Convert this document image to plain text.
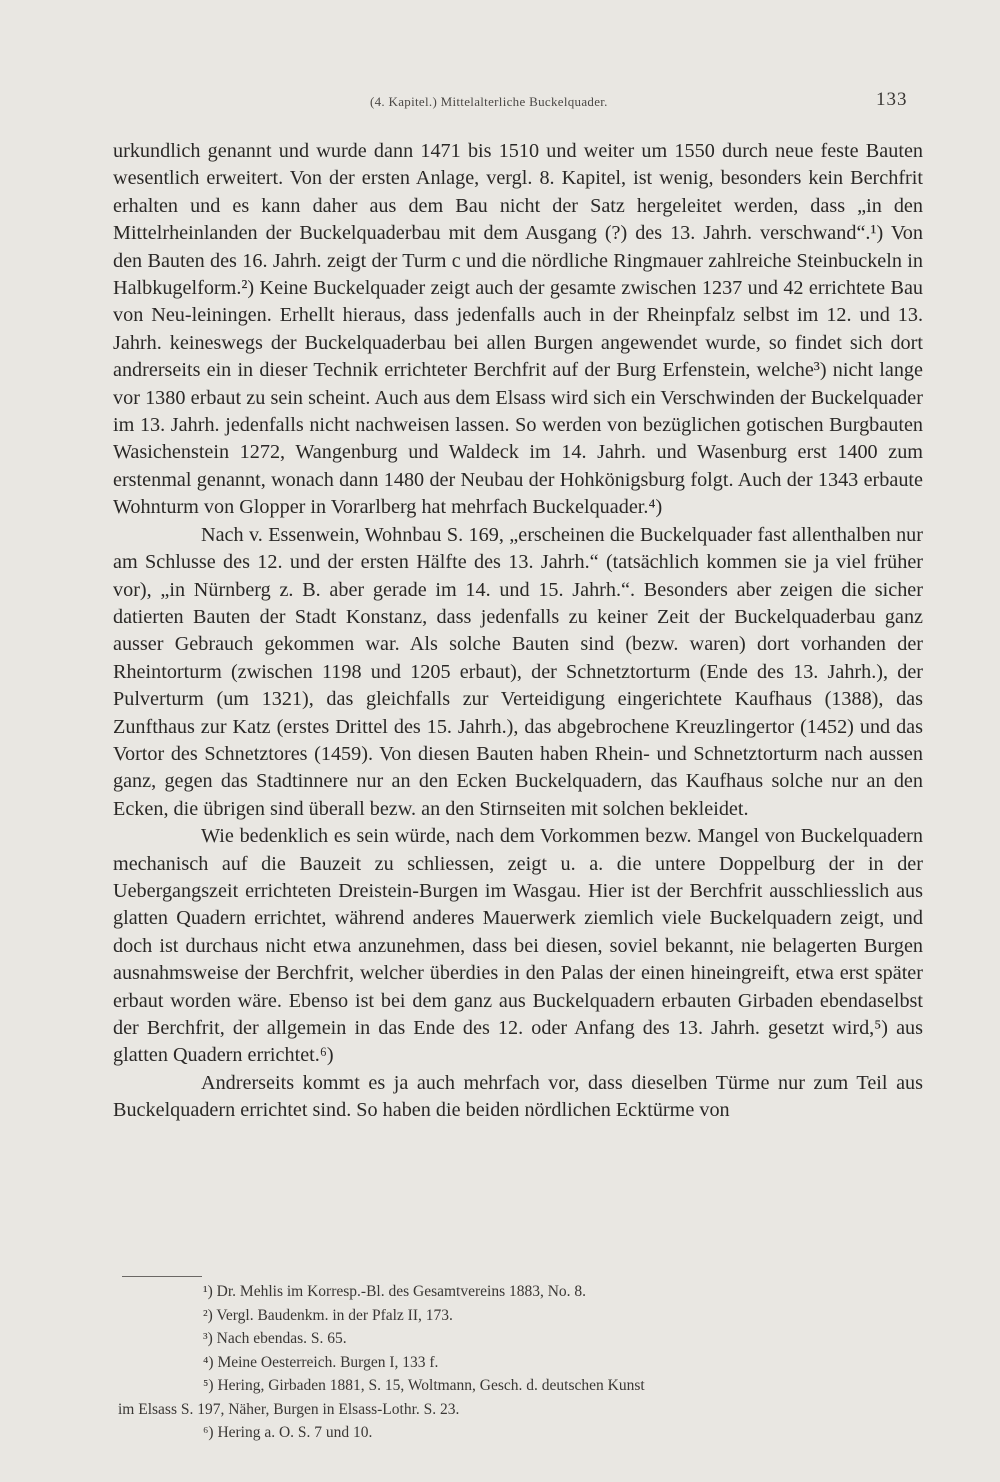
(4. Kapitel.) Mittelalterliche Buckelquader.	133

urkundlich genannt und wurde dann 1471 bis 1510 und weiter um 1550 durch neue feste Bauten wesentlich erweitert. Von der ersten Anlage, vergl. 8. Kapitel, ist wenig, besonders kein Berchfrit erhalten und es kann daher aus dem Bau nicht der Satz hergeleitet werden, dass „in den Mittelrheinlanden der Buckelquaderbau mit dem Ausgang (?) des 13. Jahrh. verschwand“.¹) Von den Bauten des 16. Jahrh. zeigt der Turm c und die nördliche Ringmauer zahlreiche Steinbuckeln in Halbkugelform.²) Keine Buckelquader zeigt auch der gesamte zwischen 1237 und 42 errichtete Bau von Neu-leiningen. Erhellt hieraus, dass jedenfalls auch in der Rheinpfalz selbst im 12. und 13. Jahrh. keineswegs der Buckelquaderbau bei allen Burgen angewendet wurde, so findet sich dort andrerseits ein in dieser Technik errichteter Berchfrit auf der Burg Erfenstein, welche³) nicht lange vor 1380 erbaut zu sein scheint. Auch aus dem Elsass wird sich ein Verschwinden der Buckelquader im 13. Jahrh. jedenfalls nicht nachweisen lassen. So werden von bezüglichen gotischen Burgbauten Wasichenstein 1272, Wangenburg und Waldeck im 14. Jahrh. und Wasenburg erst 1400 zum erstenmal genannt, wonach dann 1480 der Neubau der Hohkönigsburg folgt. Auch der 1343 erbaute Wohnturm von Glopper in Vorarlberg hat mehrfach Buckelquader.⁴)

Nach v. Essenwein, Wohnbau S. 169, „erscheinen die Buckelquader fast allenthalben nur am Schlusse des 12. und der ersten Hälfte des 13. Jahrh.“ (tatsächlich kommen sie ja viel früher vor), „in Nürnberg z. B. aber gerade im 14. und 15. Jahrh.“. Besonders aber zeigen die sicher datierten Bauten der Stadt Konstanz, dass jedenfalls zu keiner Zeit der Buckelquaderbau ganz ausser Gebrauch gekommen war. Als solche Bauten sind (bezw. waren) dort vorhanden der Rheintorturm (zwischen 1198 und 1205 erbaut), der Schnetztorturm (Ende des 13. Jahrh.), der Pulverturm (um 1321), das gleichfalls zur Verteidigung eingerichtete Kaufhaus (1388), das Zunfthaus zur Katz (erstes Drittel des 15. Jahrh.), das abgebrochene Kreuzlingertor (1452) und das Vortor des Schnetztores (1459). Von diesen Bauten haben Rhein- und Schnetztorturm nach aussen ganz, gegen das Stadtinnere nur an den Ecken Buckelquadern, das Kaufhaus solche nur an den Ecken, die übrigen sind überall bezw. an den Stirnseiten mit solchen bekleidet.

Wie bedenklich es sein würde, nach dem Vorkommen bezw. Mangel von Buckelquadern mechanisch auf die Bauzeit zu schliessen, zeigt u. a. die untere Doppelburg der in der Uebergangszeit errichteten Dreistein-Burgen im Wasgau. Hier ist der Berchfrit ausschliesslich aus glatten Quadern errichtet, während anderes Mauerwerk ziemlich viele Buckelquadern zeigt, und doch ist durchaus nicht etwa anzunehmen, dass bei diesen, soviel bekannt, nie belagerten Burgen ausnahmsweise der Berchfrit, welcher überdies in den Palas der einen hineingreift, etwa erst später erbaut worden wäre. Ebenso ist bei dem ganz aus Buckelquadern erbauten Girbaden ebendaselbst der Berchfrit, der allgemein in das Ende des 12. oder Anfang des 13. Jahrh. gesetzt wird,⁵) aus glatten Quadern errichtet.⁶)

Andrerseits kommt es ja auch mehrfach vor, dass dieselben Türme nur zum Teil aus Buckelquadern errichtet sind. So haben die beiden nördlichen Ecktürme von

¹) Dr. Mehlis im Korresp.-Bl. des Gesamtvereins 1883, No. 8.
²) Vergl. Baudenkm. in der Pfalz II, 173.
³) Nach ebendas. S. 65.
⁴) Meine Oesterreich. Burgen I, 133 f.
⁵) Hering, Girbaden 1881, S. 15, Woltmann, Gesch. d. deutschen Kunst
im Elsass S. 197, Näher, Burgen in Elsass-Lothr. S. 23.
⁶) Hering a. O. S. 7 und 10.
